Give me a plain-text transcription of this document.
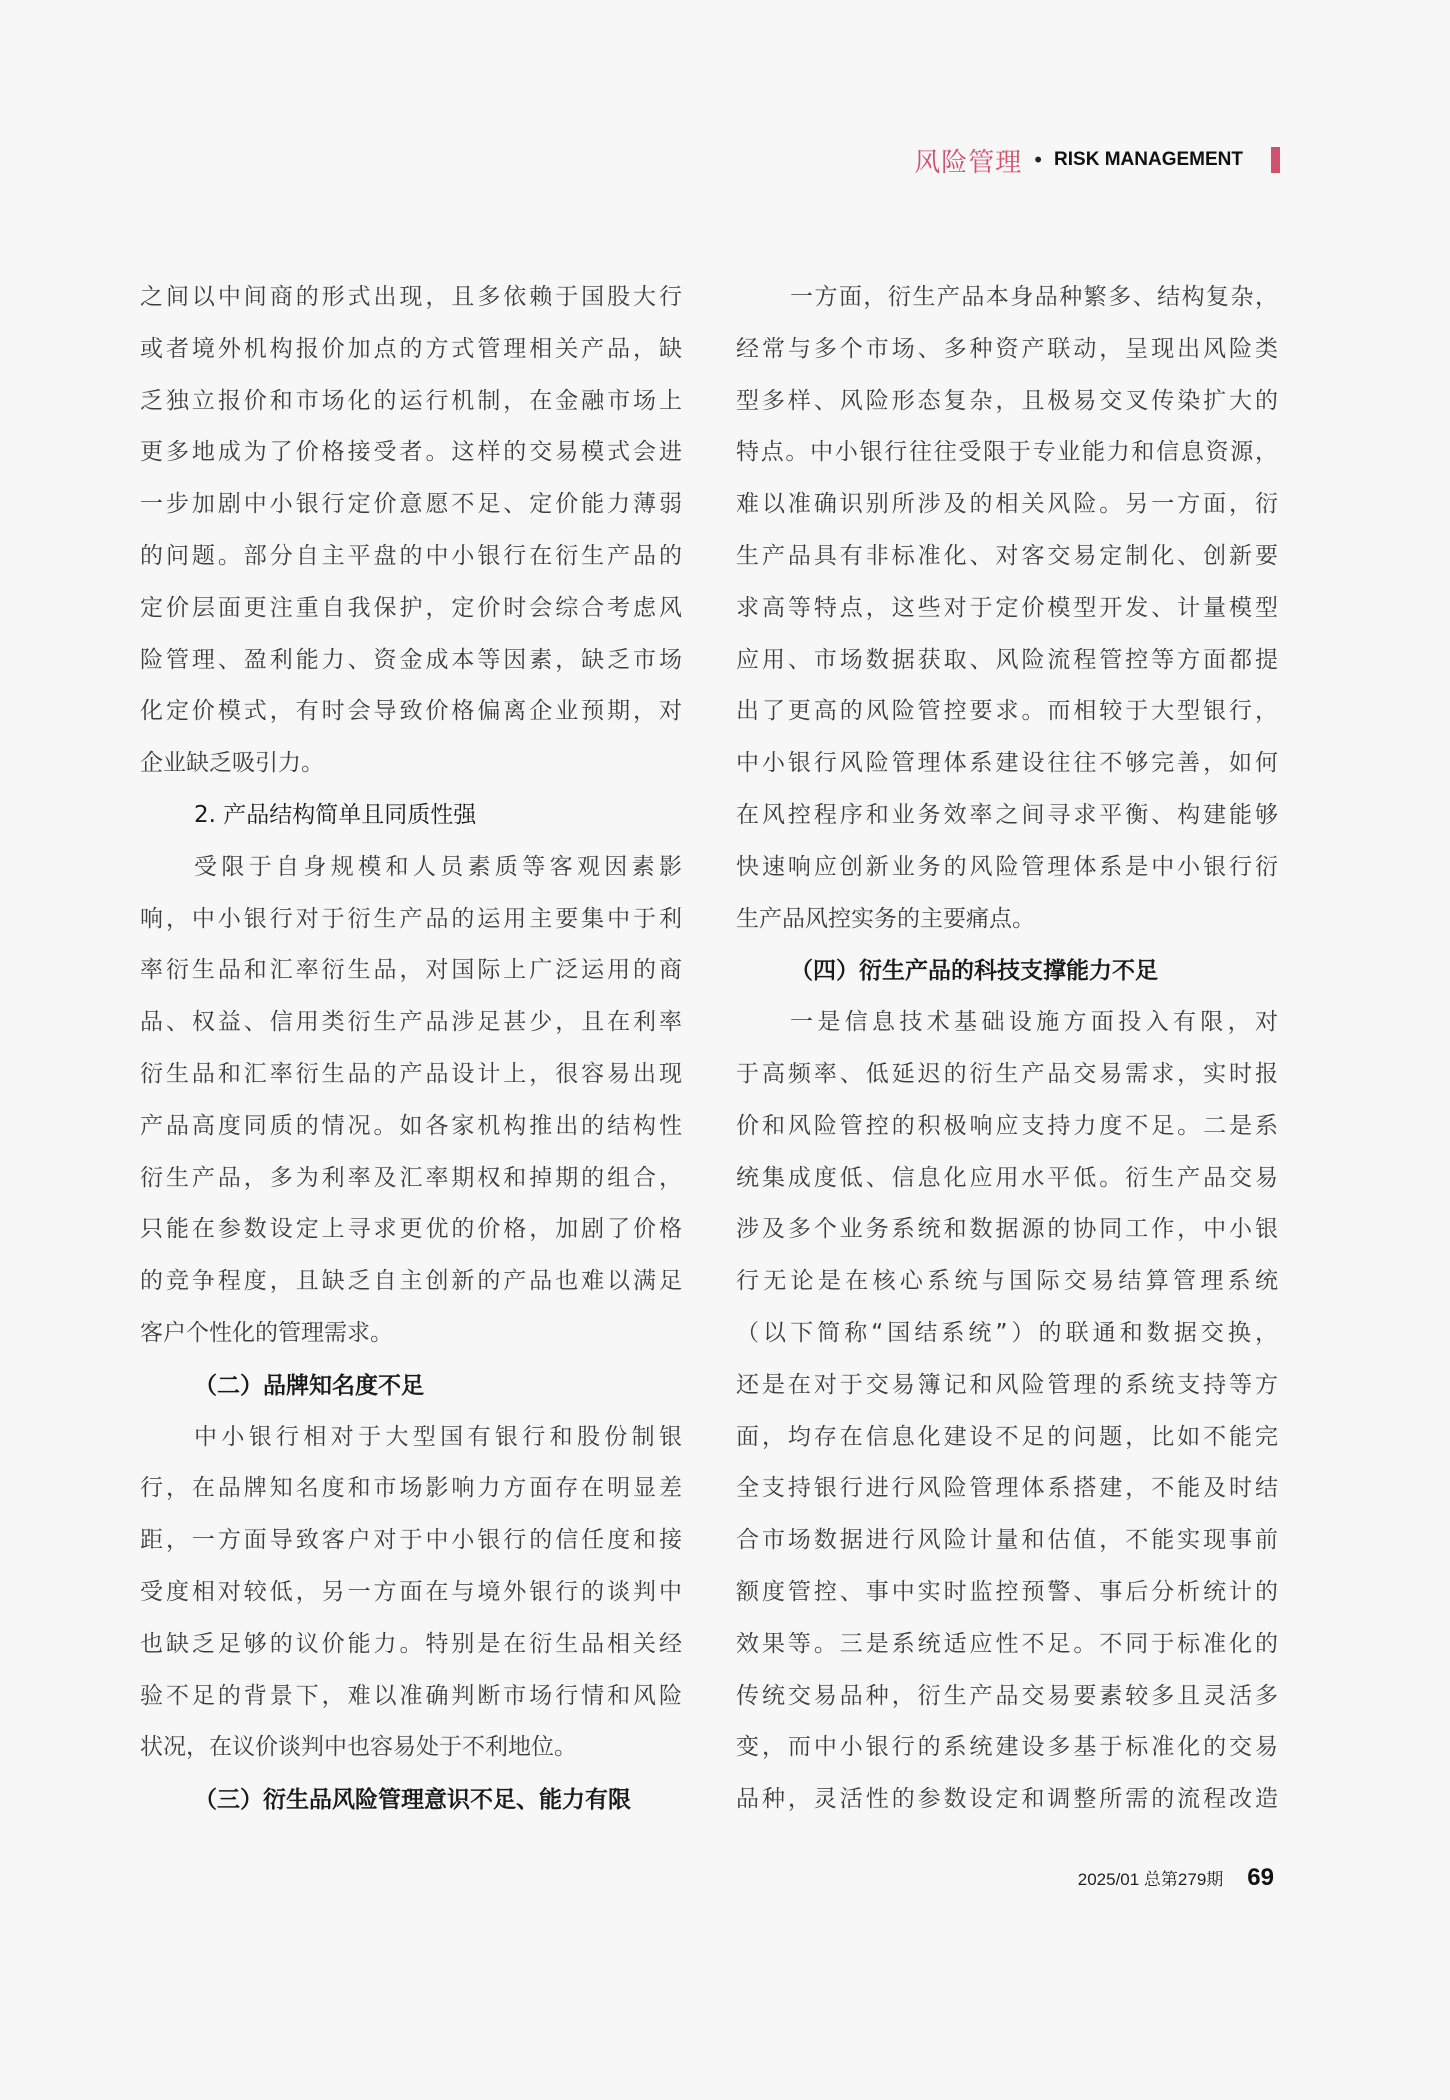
风险管理 • RISK MANAGEMENT
之间以中间商的形式出现，且多依赖于国股大行
或者境外机构报价加点的方式管理相关产品，缺
乏独立报价和市场化的运行机制，在金融市场上
更多地成为了价格接受者。这样的交易模式会进
一步加剧中小银行定价意愿不足、定价能力薄弱
的问题。部分自主平盘的中小银行在衍生产品的
定价层面更注重自我保护，定价时会综合考虑风
险管理、盈利能力、资金成本等因素，缺乏市场
化定价模式，有时会导致价格偏离企业预期，对
企业缺乏吸引力。
2. 产品结构简单且同质性强
受限于自身规模和人员素质等客观因素影
响，中小银行对于衍生产品的运用主要集中于利
率衍生品和汇率衍生品，对国际上广泛运用的商
品、权益、信用类衍生产品涉足甚少，且在利率
衍生品和汇率衍生品的产品设计上，很容易出现
产品高度同质的情况。如各家机构推出的结构性
衍生产品，多为利率及汇率期权和掉期的组合，
只能在参数设定上寻求更优的价格，加剧了价格
的竞争程度，且缺乏自主创新的产品也难以满足
客户个性化的管理需求。
（二）品牌知名度不足
中小银行相对于大型国有银行和股份制银
行，在品牌知名度和市场影响力方面存在明显差
距，一方面导致客户对于中小银行的信任度和接
受度相对较低，另一方面在与境外银行的谈判中
也缺乏足够的议价能力。特别是在衍生品相关经
验不足的背景下，难以准确判断市场行情和风险
状况，在议价谈判中也容易处于不利地位。
（三）衍生品风险管理意识不足、能力有限
一方面，衍生产品本身品种繁多、结构复杂，
经常与多个市场、多种资产联动，呈现出风险类
型多样、风险形态复杂，且极易交叉传染扩大的
特点。中小银行往往受限于专业能力和信息资源，
难以准确识别所涉及的相关风险。另一方面，衍
生产品具有非标准化、对客交易定制化、创新要
求高等特点，这些对于定价模型开发、计量模型
应用、市场数据获取、风险流程管控等方面都提
出了更高的风险管控要求。而相较于大型银行，
中小银行风险管理体系建设往往不够完善，如何
在风控程序和业务效率之间寻求平衡、构建能够
快速响应创新业务的风险管理体系是中小银行衍
生产品风控实务的主要痛点。
（四）衍生产品的科技支撑能力不足
一是信息技术基础设施方面投入有限，对
于高频率、低延迟的衍生产品交易需求，实时报
价和风险管控的积极响应支持力度不足。二是系
统集成度低、信息化应用水平低。衍生产品交易
涉及多个业务系统和数据源的协同工作，中小银
行无论是在核心系统与国际交易结算管理系统
（以下简称“国结系统”）的联通和数据交换，
还是在对于交易簿记和风险管理的系统支持等方
面，均存在信息化建设不足的问题，比如不能完
全支持银行进行风险管理体系搭建，不能及时结
合市场数据进行风险计量和估值，不能实现事前
额度管控、事中实时监控预警、事后分析统计的
效果等。三是系统适应性不足。不同于标准化的
传统交易品种，衍生产品交易要素较多且灵活多
变，而中小银行的系统建设多基于标准化的交易
品种，灵活性的参数设定和调整所需的流程改造
2025/01 总第279期 69
